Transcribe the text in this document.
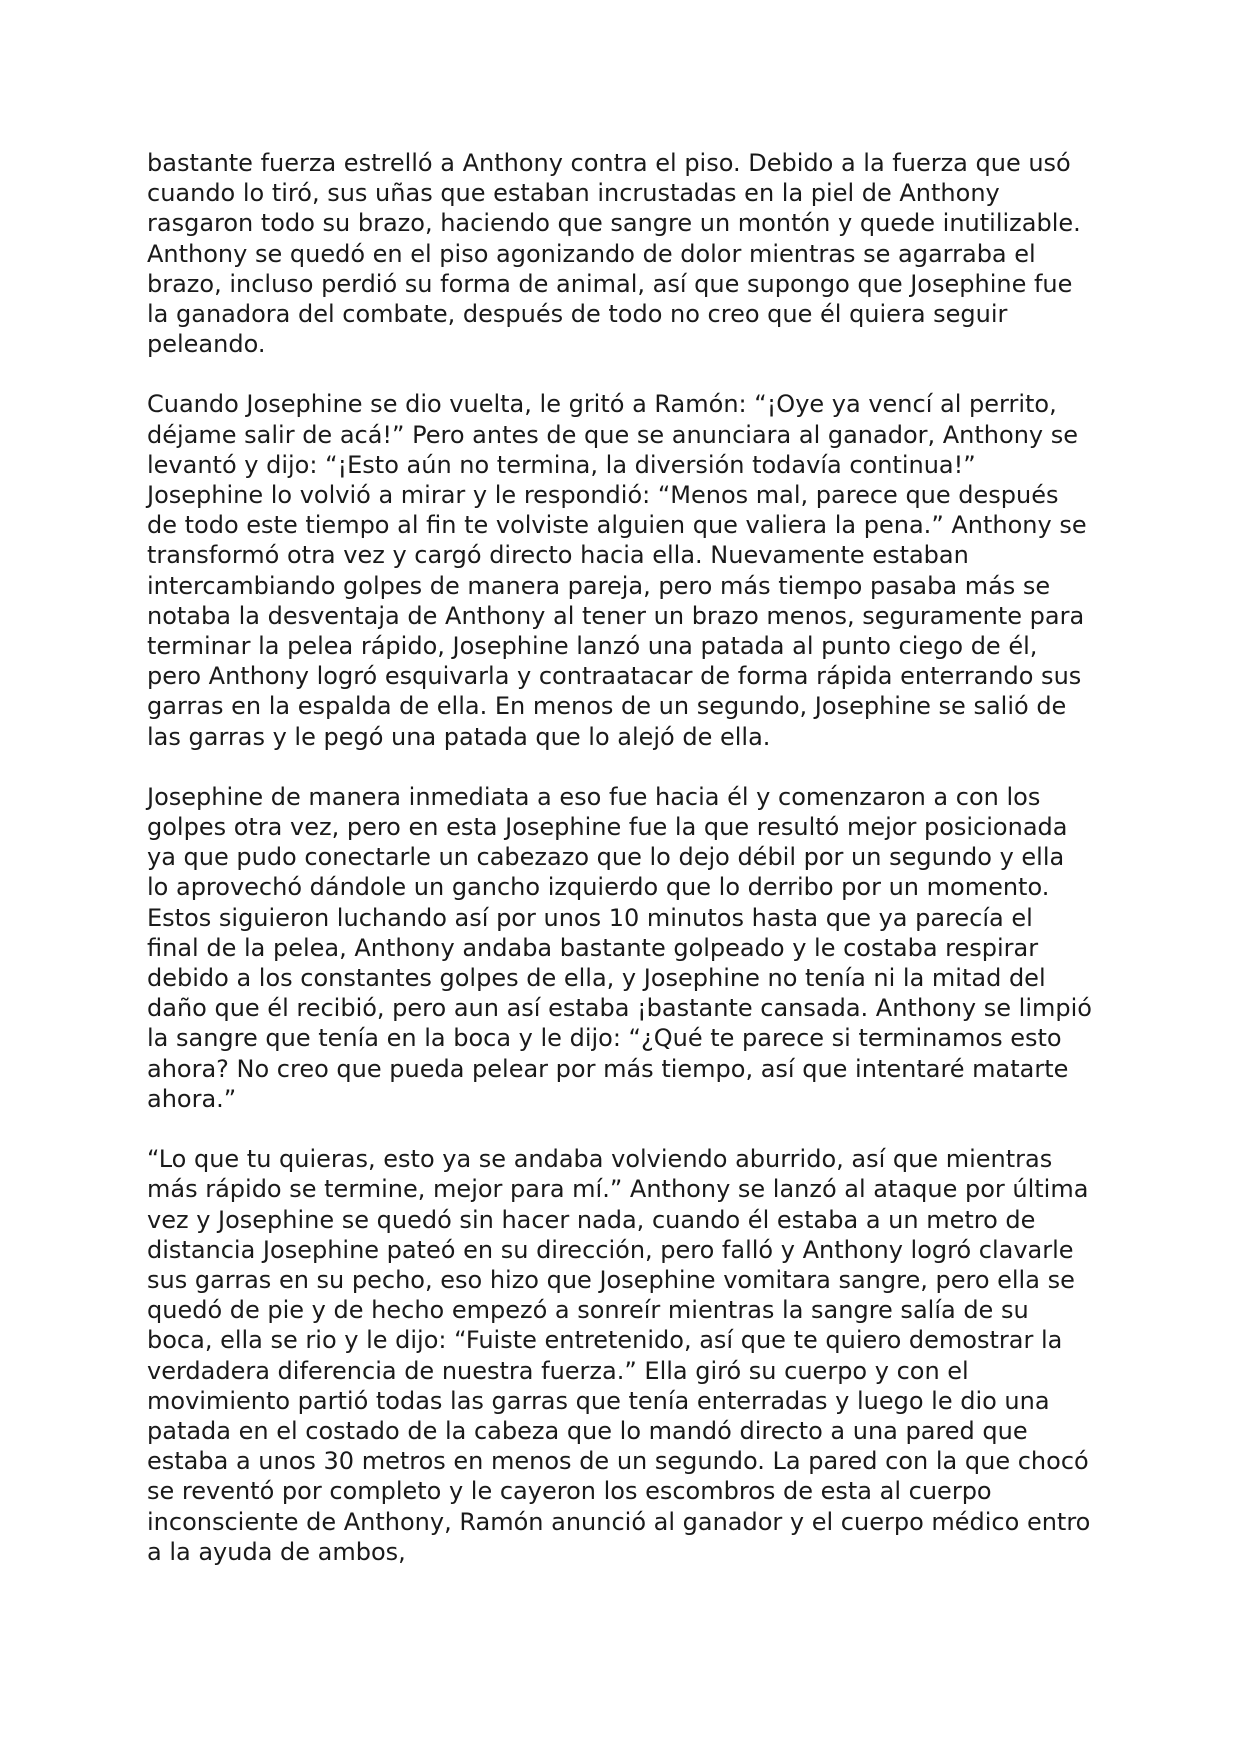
bastante fuerza estrelló a Anthony contra el piso. Debido a la fuerza que usó cuando lo tiró, sus uñas que estaban incrustadas en la piel de Anthony rasgaron todo su brazo, haciendo que sangre un montón y quede inutilizable. Anthony se quedó en el piso agonizando de dolor mientras se agarraba el brazo, incluso perdió su forma de animal, así que supongo que Josephine fue la ganadora del combate, después de todo no creo que él quiera seguir peleando.

Cuando Josephine se dio vuelta, le gritó a Ramón: “¡Oye ya vencí al perrito, déjame salir de acá!” Pero antes de que se anunciara al ganador, Anthony se levantó y dijo: “¡Esto aún no termina, la diversión todavía continua!” Josephine lo volvió a mirar y le respondió: “Menos mal, parece que después de todo este tiempo al fin te volviste alguien que valiera la pena.” Anthony se transformó otra vez y cargó directo hacia ella. Nuevamente estaban intercambiando golpes de manera pareja, pero más tiempo pasaba más se notaba la desventaja de Anthony al tener un brazo menos, seguramente para terminar la pelea rápido, Josephine lanzó una patada al punto ciego de él, pero Anthony logró esquivarla y contraatacar de forma rápida enterrando sus garras en la espalda de ella. En menos de un segundo, Josephine se salió de las garras y le pegó una patada que lo alejó de ella.

Josephine de manera inmediata a eso fue hacia él y comenzaron a con los golpes otra vez, pero en esta Josephine fue la que resultó mejor posicionada ya que pudo conectarle un cabezazo que lo dejo débil por un segundo y ella lo aprovechó dándole un gancho izquierdo que lo derribo por un momento. Estos siguieron luchando así por unos 10 minutos hasta que ya parecía el final de la pelea, Anthony andaba bastante golpeado y le costaba respirar debido a los constantes golpes de ella, y Josephine no tenía ni la mitad del daño que él recibió, pero aun así estaba ¡bastante cansada. Anthony se limpió la sangre que tenía en la boca y le dijo: “¿Qué te parece si terminamos esto ahora? No creo que pueda pelear por más tiempo, así que intentaré matarte ahora.”

“Lo que tu quieras, esto ya se andaba volviendo aburrido, así que mientras más rápido se termine, mejor para mí.” Anthony se lanzó al ataque por última vez y Josephine se quedó sin hacer nada, cuando él estaba a un metro de distancia Josephine pateó en su dirección, pero falló y Anthony logró clavarle sus garras en su pecho, eso hizo que Josephine vomitara sangre, pero ella se quedó de pie y de hecho empezó a sonreír mientras la sangre salía de su boca, ella se rio y le dijo: “Fuiste entretenido, así que te quiero demostrar la verdadera diferencia de nuestra fuerza.” Ella giró su cuerpo y con el movimiento partió todas las garras que tenía enterradas y luego le dio una patada en el costado de la cabeza que lo mandó directo a una pared que estaba a unos 30 metros en menos de un segundo. La pared con la que chocó se reventó por completo y le cayeron los escombros de esta al cuerpo inconsciente de Anthony, Ramón anunció al ganador y el cuerpo médico entro a la ayuda de ambos,
